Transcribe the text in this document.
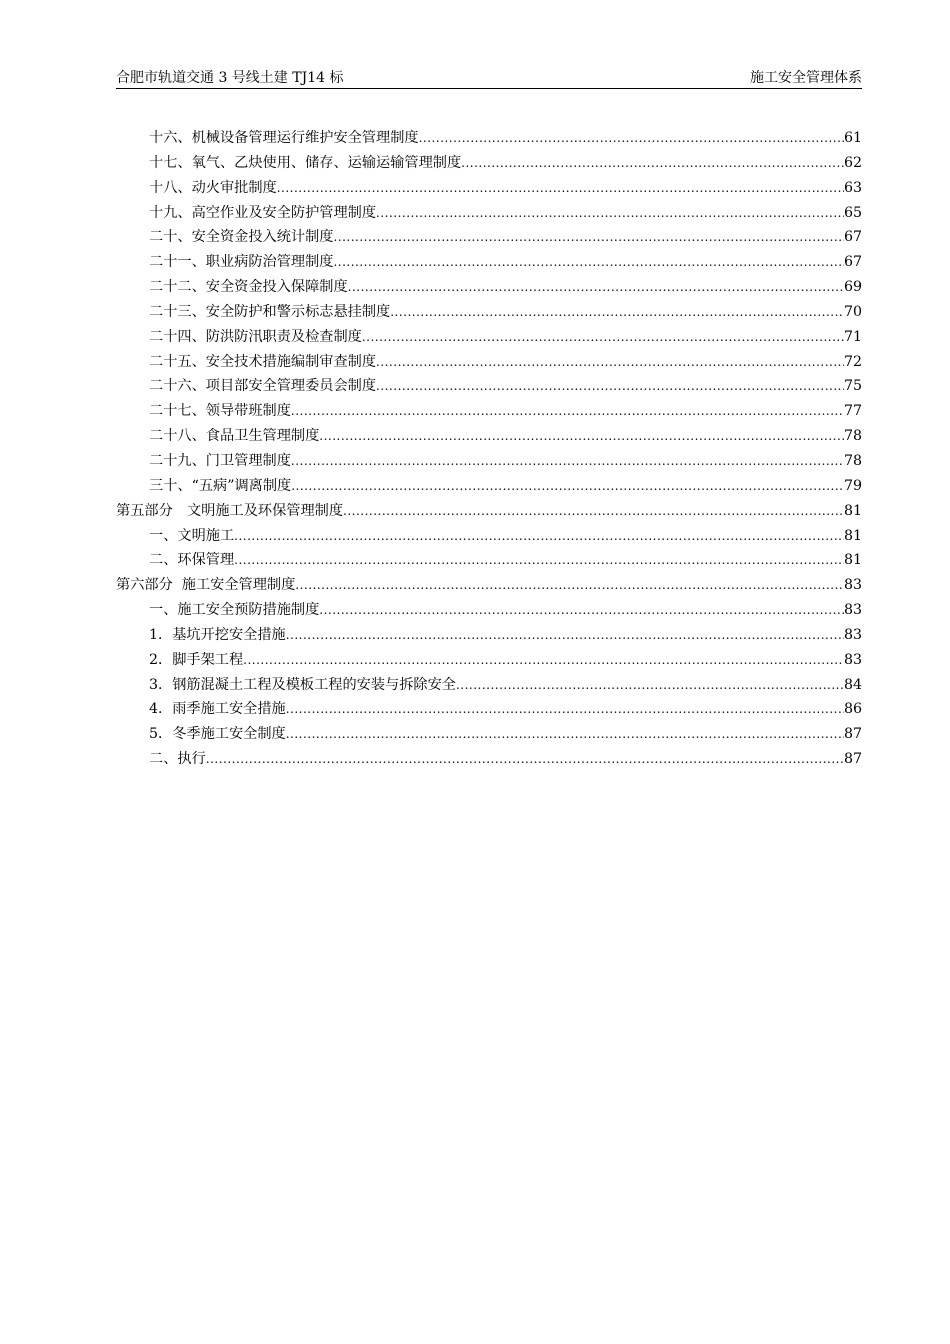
合肥市轨道交通 3 号线土建 TJ14 标	施工安全管理体系
十六、机械设备管理运行维护安全管理制度 .....	61
十七、氧气、乙炔使用、储存、运输运输管理制度 .....	62
十八、动火审批制度 .....	63
十九、高空作业及安全防护管理制度 .....	65
二十、安全资金投入统计制度 .....	67
二十一、职业病防治管理制度 .....	67
二十二、安全资金投入保障制度 .....	69
二十三、安全防护和警示标志悬挂制度 .....	70
二十四、防洪防汛职责及检查制度 .....	71
二十五、安全技术措施编制审查制度 .....	72
二十六、项目部安全管理委员会制度 .....	75
二十七、领导带班制度 .....	77
二十八、食品卫生管理制度 .....	78
二十九、门卫管理制度 .....	78
三十、“五病”调离制度 .....	79
第五部分　文明施工及环保管理制度 .....	81
一、文明施工 .....	81
二、环保管理 .....	81
第六部分  施工安全管理制度 .....	83
一、施工安全预防措施制度 .....	83
1．基坑开挖安全措施 .....	83
2．脚手架工程 .....	83
3．钢筋混凝土工程及模板工程的安装与拆除安全 .....	84
4．雨季施工安全措施 .....	86
5．冬季施工安全制度 .....	87
二、执行 .....	87
